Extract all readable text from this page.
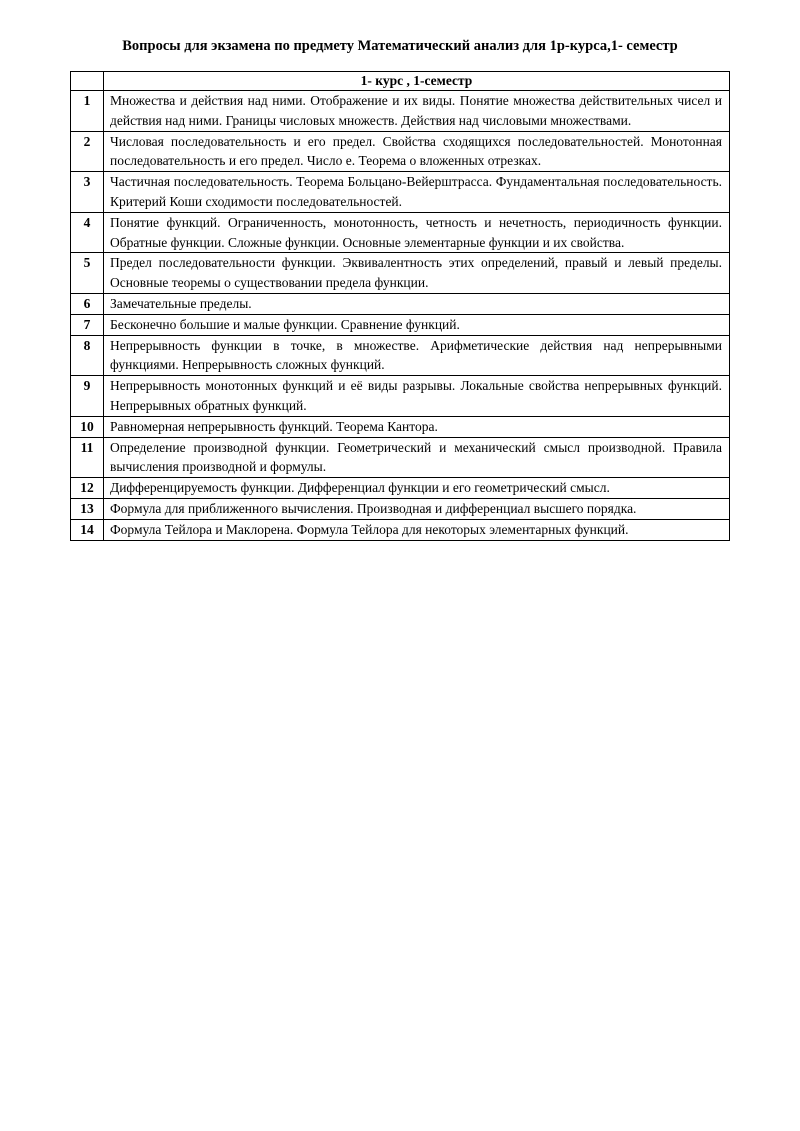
Вопросы для экзамена по предмету Математический анализ для 1р-курса,1- семестр
	1- курс , 1-семестр
1	Множества и действия над ними. Отображение и их виды. Понятие множества действительных чисел и действия над ними. Границы числовых множеств. Действия над числовыми множествами.
2	Числовая последовательность и его предел. Свойства сходящихся последовательностей. Монотонная последовательность и его предел. Число е. Теорема о вложенных отрезках.
3	Частичная последовательность. Теорема Больцано-Вейерштрасса. Фундаментальная последовательность. Критерий Коши сходимости последовательностей.
4	Понятие функций. Ограниченность, монотонность, четность и нечетность, периодичность функции. Обратные функции. Сложные функции. Основные элементарные функции и их свойства.
5	Предел последовательности функции. Эквивалентность этих определений, правый и левый пределы. Основные теоремы о существовании предела функции.
6	Замечательные пределы.
7	Бесконечно большие и малые функции. Сравнение функций.
8	Непрерывность функции в точке, в множестве. Арифметические действия над непрерывными функциями. Непрерывность сложных функций.
9	Непрерывность монотонных функций и её виды разрывы. Локальные свойства непрерывных функций. Непрерывных обратных функций.
10	Равномерная непрерывность функций. Теорема Кантора.
11	Определение производной функции. Геометрический и механический смысл производной. Правила вычисления производной и формулы.
12	Дифференцируемость функции. Дифференциал функции и его геометрический смысл.
13	Формула для приближенного вычисления. Производная и дифференциал высшего порядка.
14	Формула Тейлора и Маклорена. Формула Тейлора для некоторых элементарных функций.
